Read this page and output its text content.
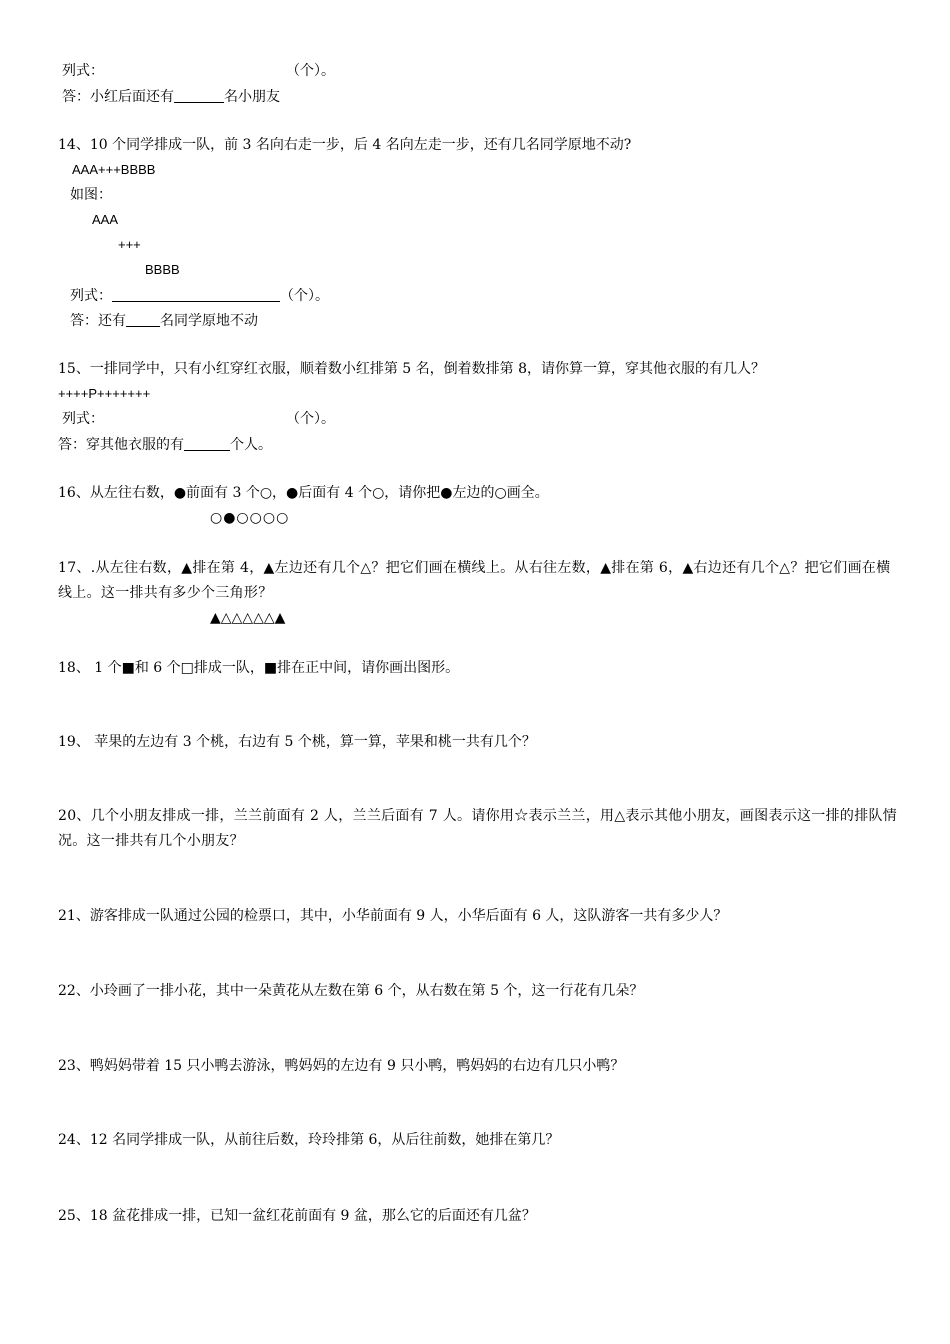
列式：	（个）。
答：小红后面还有	名小朋友
14、10 个同学排成一队，前 3 名向右走一步，后 4 名向左走一步，还有几名同学原地不动?
AAA+++BBBB
如图：
AAA
+++
BBBB
列式：	（个）。
答：还有 名同学原地不动
15、一排同学中，只有小红穿红衣服，顺着数小红排第 5 名，倒着数排第 8，请你算一算，穿其他衣服的有几人？
++++P+++++++
列式：	（个）。
答：穿其他衣服的有	个人。
16、从左往右数，●前面有 3 个○，●后面有 4 个○，请你把●左边的○画全。
○●○○○○
17、.从左往右数，▲排在第 4，▲左边还有几个△？把它们画在横线上。从右往左数，▲排在第 6，▲右边还有几个△？把它们画在横线上。这一排共有多少个三角形？
▲△△△△△▲
18、 1 个■和 6 个□排成一队，■排在正中间，请你画出图形。
19、 苹果的左边有 3 个桃，右边有 5 个桃，算一算，苹果和桃一共有几个？
20、几个小朋友排成一排，兰兰前面有 2 人，兰兰后面有 7 人。请你用☆表示兰兰，用△表示其他小朋友，画图表示这一排的排队情况。这一排共有几个小朋友？
21、游客排成一队通过公园的检票口，其中，小华前面有 9 人，小华后面有 6 人，这队游客一共有多少人？
22、小玲画了一排小花，其中一朵黄花从左数在第 6 个，从右数在第 5 个，这一行花有几朵？
23、鸭妈妈带着 15 只小鸭去游泳，鸭妈妈的左边有 9 只小鸭，鸭妈妈的右边有几只小鸭？
24、12 名同学排成一队，从前往后数，玲玲排第 6，从后往前数，她排在第几？
25、18 盆花排成一排，已知一盆红花前面有 9 盆，那么它的后面还有几盆？
